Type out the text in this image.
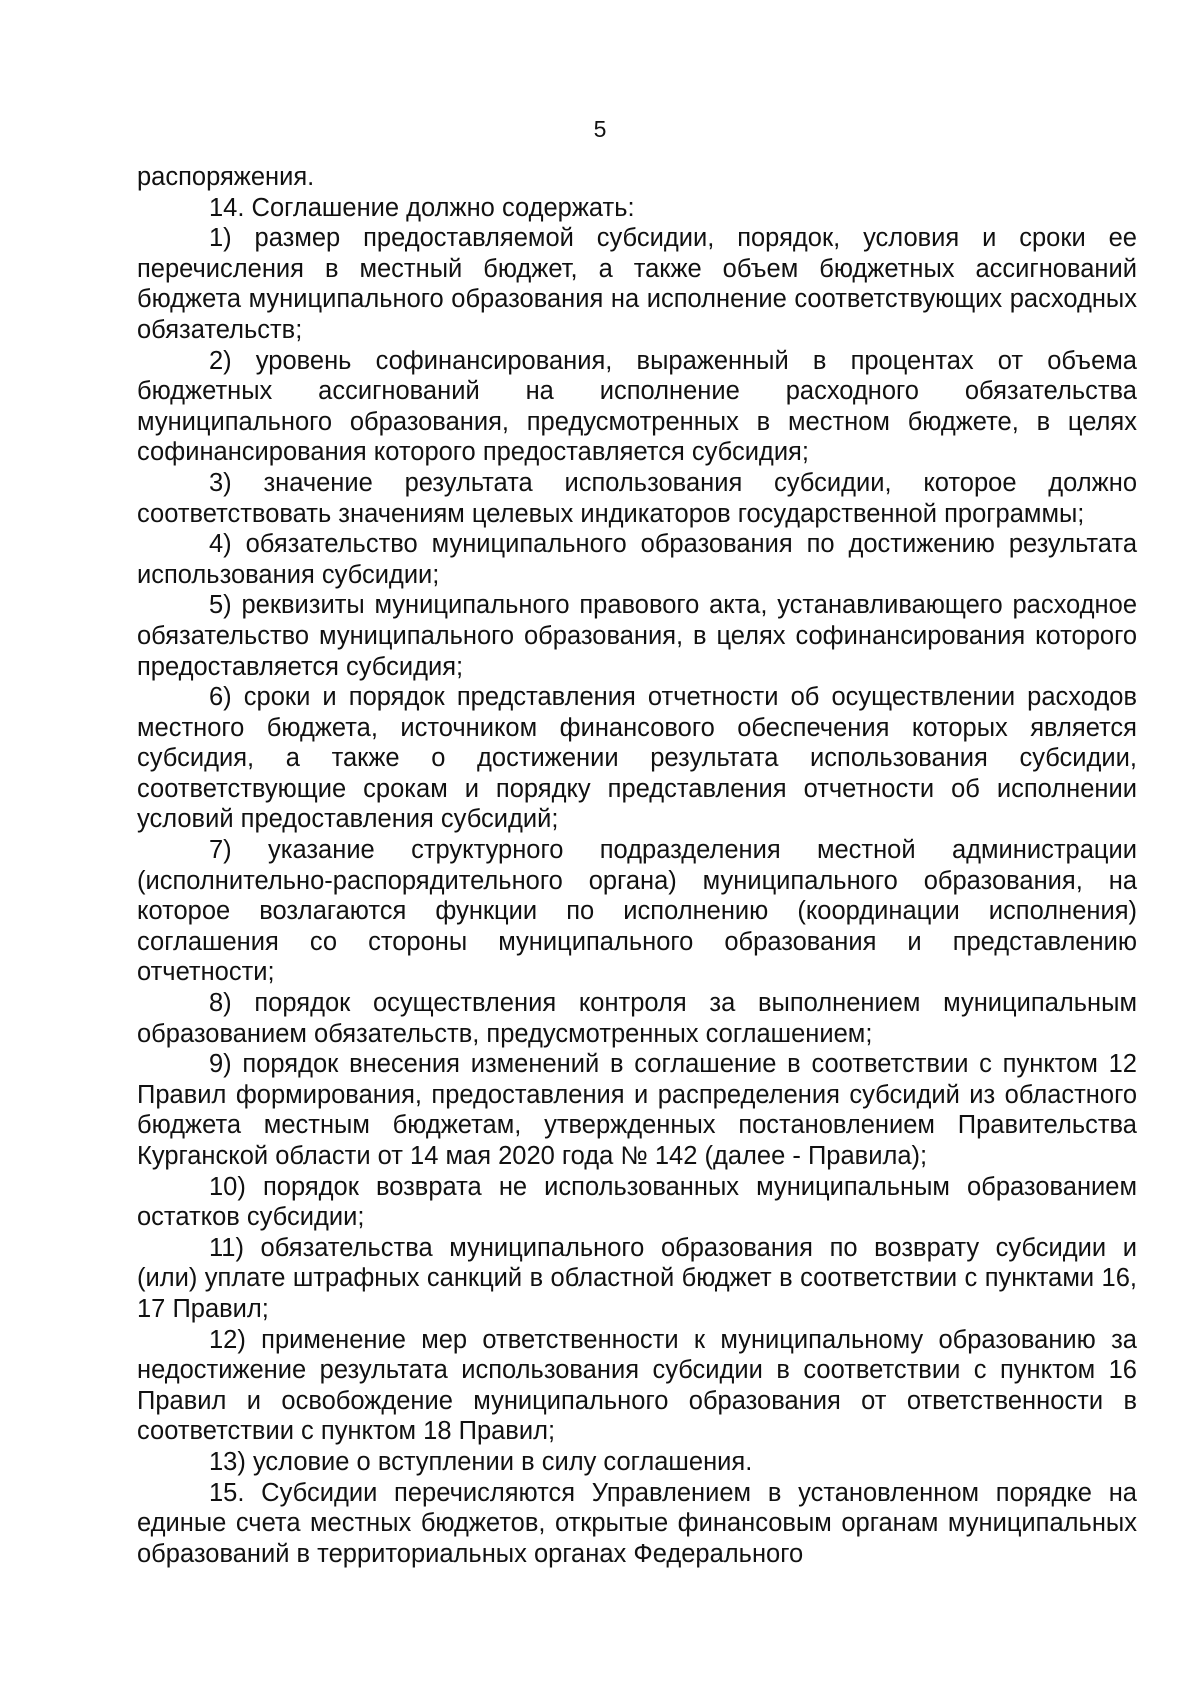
5

распоряжения.

14. Соглашение должно содержать:

1) размер предоставляемой субсидии, порядок, условия и сроки ее перечисления в местный бюджет, а также объем бюджетных ассигнований бюджета муниципального образования на исполнение соответствующих расходных обязательств;

2) уровень софинансирования, выраженный в процентах от объема бюджетных ассигнований на исполнение расходного обязательства муниципального образования, предусмотренных в местном бюджете, в целях софинансирования которого предоставляется субсидия;

3) значение результата использования субсидии, которое должно соответствовать значениям целевых индикаторов государственной программы;

4) обязательство муниципального образования по достижению результата использования субсидии;

5) реквизиты муниципального правового акта, устанавливающего расходное обязательство муниципального образования, в целях софинансирования которого предоставляется субсидия;

6) сроки и порядок представления отчетности об осуществлении расходов местного бюджета, источником финансового обеспечения которых является субсидия, а также о достижении результата использования субсидии, соответствующие срокам и порядку представления отчетности об исполнении условий предоставления субсидий;

7) указание структурного подразделения местной администрации (исполнительно-распорядительного органа) муниципального образования, на которое возлагаются функции по исполнению (координации исполнения) соглашения со стороны муниципального образования и представлению отчетности;

8) порядок осуществления контроля за выполнением муниципальным образованием обязательств, предусмотренных соглашением;

9) порядок внесения изменений в соглашение в соответствии с пунктом 12 Правил формирования, предоставления и распределения субсидий из областного бюджета местным бюджетам, утвержденных постановлением Правительства Курганской области от 14 мая 2020 года № 142 (далее - Правила);

10) порядок возврата не использованных муниципальным образованием остатков субсидии;

11) обязательства муниципального образования по возврату субсидии и (или) уплате штрафных санкций в областной бюджет в соответствии с пунктами 16, 17 Правил;

12) применение мер ответственности к муниципальному образованию за недостижение результата использования субсидии в соответствии с пунктом 16 Правил и освобождение муниципального образования от ответственности в соответствии с пунктом 18 Правил;

13) условие о вступлении в силу соглашения.

15. Субсидии перечисляются Управлением в установленном порядке на единые счета местных бюджетов, открытые финансовым органам муниципальных образований в территориальных органах Федерального
